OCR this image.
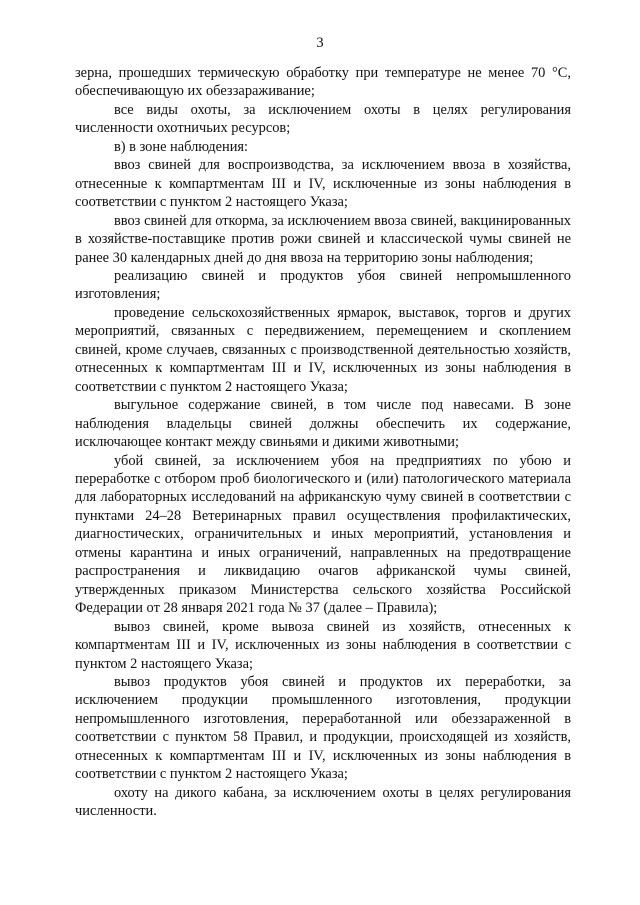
3

зерна, прошедших термическую обработку при температуре не менее 70 °С, обеспечивающую их обеззараживание;

все виды охоты, за исключением охоты в целях регулирования численности охотничьих ресурсов;

в) в зоне наблюдения:

ввоз свиней для воспроизводства, за исключением ввоза в хозяйства, отнесенные к компартментам III и IV, исключенные из зоны наблюдения в соответствии с пунктом 2 настоящего Указа;

ввоз свиней для откорма, за исключением ввоза свиней, вакцинированных в хозяйстве-поставщике против рожи свиней и классической чумы свиней не ранее 30 календарных дней до дня ввоза на территорию зоны наблюдения;

реализацию свиней и продуктов убоя свиней непромышленного изготовления;

проведение сельскохозяйственных ярмарок, выставок, торгов и других мероприятий, связанных с передвижением, перемещением и скоплением свиней, кроме случаев, связанных с производственной деятельностью хозяйств, отнесенных к компартментам III и IV, исключенных из зоны наблюдения в соответствии с пунктом 2 настоящего Указа;

выгульное содержание свиней, в том числе под навесами. В зоне наблюдения владельцы свиней должны обеспечить их содержание, исключающее контакт между свиньями и дикими животными;

убой свиней, за исключением убоя на предприятиях по убою и переработке с отбором проб биологического и (или) патологического материала для лабораторных исследований на африканскую чуму свиней в соответствии с пунктами 24–28 Ветеринарных правил осуществления профилактических, диагностических, ограничительных и иных мероприятий, установления и отмены карантина и иных ограничений, направленных на предотвращение распространения и ликвидацию очагов африканской чумы свиней, утвержденных приказом Министерства сельского хозяйства Российской Федерации от 28 января 2021 года № 37 (далее – Правила);

вывоз свиней, кроме вывоза свиней из хозяйств, отнесенных к компартментам III и IV, исключенных из зоны наблюдения в соответствии с пунктом 2 настоящего Указа;

вывоз продуктов убоя свиней и продуктов их переработки, за исключением продукции промышленного изготовления, продукции непромышленного изготовления, переработанной или обеззараженной в соответствии с пунктом 58 Правил, и продукции, происходящей из хозяйств, отнесенных к компартментам III и IV, исключенных из зоны наблюдения в соответствии с пунктом 2 настоящего Указа;

охоту на дикого кабана, за исключением охоты в целях регулирования численности.
